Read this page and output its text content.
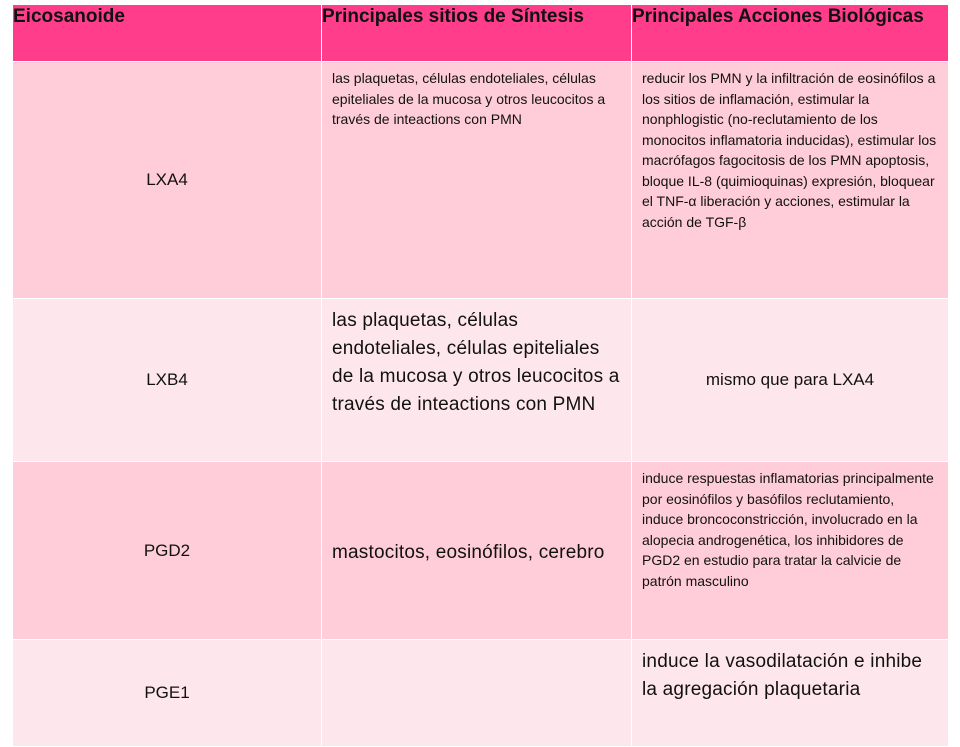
Eicosanoide	Principales sitios de Síntesis	Principales Acciones Biológicas
LXA4	las plaquetas, células endoteliales, células epiteliales de la mucosa y otros leucocitos a través de inteactions con PMN	reducir los PMN y la infiltración de eosinófilos a los sitios de inflamación, estimular la nonphlogistic (no-reclutamiento de los monocitos inflamatoria inducidas), estimular los macrófagos fagocitosis de los PMN apoptosis, bloque IL-8 (quimioquinas) expresión, bloquear el TNF-α liberación y acciones, estimular la acción de TGF-β
LXB4	las plaquetas, células endoteliales, células epiteliales de la mucosa y otros leucocitos a través de inteactions con PMN	mismo que para LXA4
PGD2	mastocitos, eosinófilos, cerebro	induce respuestas inflamatorias principalmente por eosinófilos y basófilos reclutamiento, induce broncoconstricción, involucrado en la alopecia androgenética, los inhibidores de PGD2 en estudio para tratar la calvicie de patrón masculino
PGE1		induce la vasodilatación e inhibe la agregación plaquetaria
